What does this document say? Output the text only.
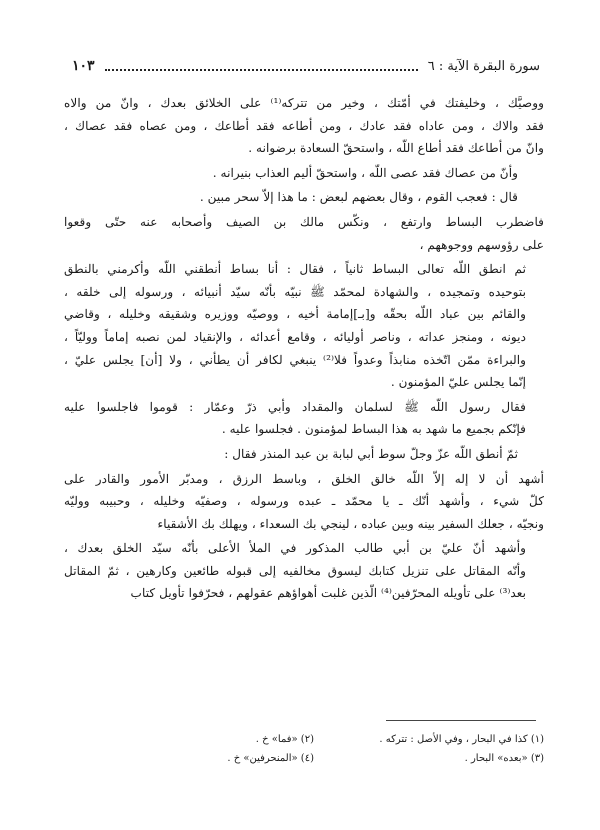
سورة البقرة الآية : ٦
١٠٣

ووصيَّك ، وخليفتك في أمّتك ، وخير من تتركه⁽¹⁾ على الخلائق بعدك ، وانّ من والاه
فقد والاك ، ومن عاداه فقد عادك ، ومن أطاعه فقد أطاعك ، ومن عصاه فقد عصاك ،
وانّ من أطاعك فقد أطاع اللّه ، واستحقّ السعادة برضوانه .

وأنّ من عصاك فقد عصى اللّه ، واستحقّ أليم العذاب بنيرانه .

قال : فعجب القوم ، وقال بعضهم لبعض : ما هذا إلاّ سحر مبين .

فاضطرب البساط وارتفع ، ونكّس مالك بن الصيف وأصحابه عنه حتّى وقعوا
على رؤوسهم ووجوههم ،

ثم انطق اللّه تعالى البساط ثانياً ، فقال : أنا بساط أنطقني اللّه وأكرمني بالنطق
بتوحيده وتمجيده ، والشهادة لمحمّد ﷺ نبيّه بأنّه سيّد أنبيائه ، ورسوله إلى خلقه ،
والقائم بين عباد اللّه بحقّه و[بـ]إمامة أخيه ، ووصيّه ووزيره وشقيقه وخليله ، وقاضي
ديونه ، ومنجز عداته ، وناصر أوليائه ، وقامع أعدائه ، والإنقياد لمن نصبه إماماً ووليّاً ،
والبراءة ممّن اتّخذه منابذاً وعدواً فلا⁽²⁾ ينبغي لكافر أن يطأني ، ولا [أن] يجلس عليّ ،
إنّما يجلس عليّ المؤمنون .

فقال رسول اللّه ﷺ لسلمان والمقداد وأبي ذرّ وعمّار : قوموا فاجلسوا عليه
فإنّكم بجميع ما شهد به هذا البساط لمؤمنون . فجلسوا عليه .

ثمّ أنطق اللّه عزّ وجلّ سوط أبي لبابة بن عبد المنذر فقال :

أشهد أن لا إله إلاّ اللّه خالق الخلق ، وباسط الرزق ، ومدبّر الأمور والقادر على
كلّ شيء ، وأشهد أنّك ـ يا محمّد ـ عبده ورسوله ، وصفيّه وخليله ، وحبيبه ووليّه
ونجيّه ، جعلك السفير بينه وبين عباده ، لينجي بك السعداء ، ويهلك بك الأشقياء

وأشهد أنّ عليّ بن أبي طالب المذكور في الملأ الأعلى بأنّه سيّد الخلق بعدك ،
وأنّه المقاتل على تنزيل كتابك ليسوق مخالفيه إلى قبوله طائعين وكارهين ، ثمّ المقاتل
بعد⁽³⁾ على تأويله المحرّفين⁽⁴⁾ الّذين غلبت أهواؤهم عقولهم ، فحرّفوا تأويل كتاب

(١) كذا في البحار ، وفي الأصل : تتركه .
(٢) «فما» خ .
(٣) «بعده» البحار .
(٤) «المنحرفين» خ .
